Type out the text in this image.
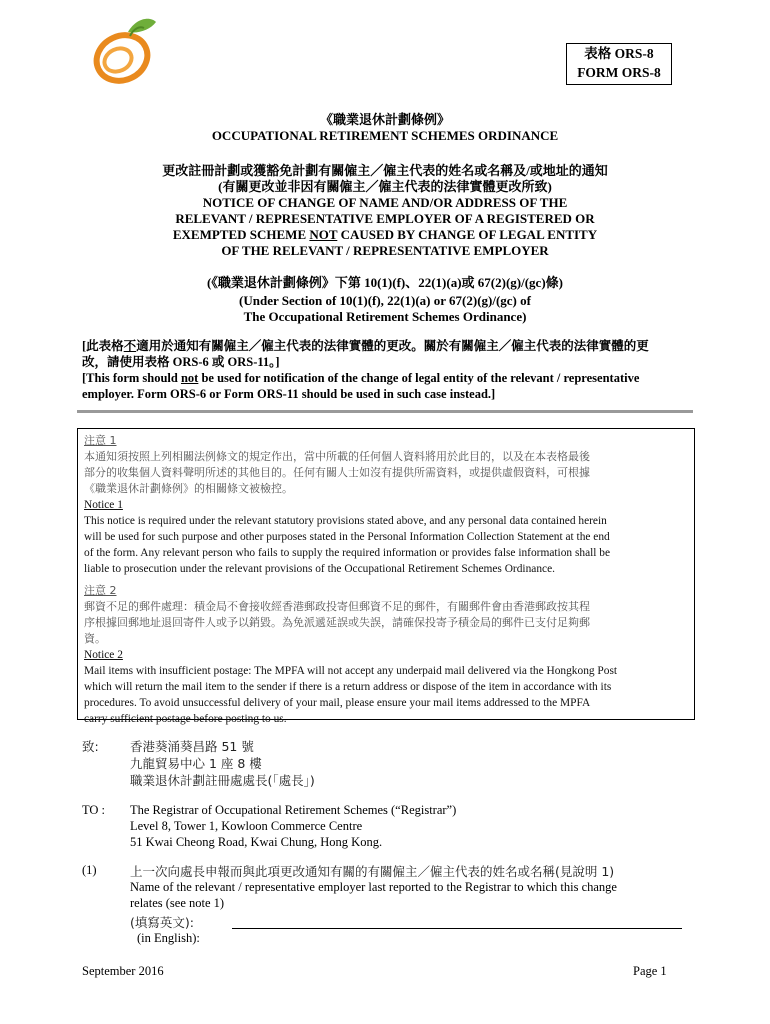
表格 ORS-8
FORM ORS-8
《職業退休計劃條例》
OCCUPATIONAL RETIREMENT SCHEMES ORDINANCE
更改註冊計劃或獲豁免計劃有關僱主／僱主代表的姓名或名稱及/或地址的通知
(有關更改並非因有關僱主／僱主代表的法律實體更改所致)
NOTICE OF CHANGE OF NAME AND/OR ADDRESS OF THE
RELEVANT / REPRESENTATIVE EMPLOYER OF A REGISTERED OR
EXEMPTED SCHEME NOT CAUSED BY CHANGE OF LEGAL ENTITY
OF THE RELEVANT / REPRESENTATIVE EMPLOYER
(《職業退休計劃條例》下第 10(1)(f)、22(1)(a)或 67(2)(g)/(gc)條)
(Under Section of 10(1)(f), 22(1)(a) or 67(2)(g)/(gc) of
The Occupational Retirement Schemes Ordinance)
[此表格不適用於通知有關僱主／僱主代表的法律實體的更改。關於有關僱主／僱主代表的法律實體的更
改，請使用表格 ORS-6 或 ORS-11。]
[This form should not be used for notification of the change of legal entity of the relevant / representative
employer. Form ORS-6 or Form ORS-11 should be used in such case instead.]
注意 1
本通知須按照上列相關法例條文的規定作出，當中所載的任何個人資料將用於此目的，以及在本表格最後
部分的收集個人資料聲明所述的其他目的。任何有關人士如沒有提供所需資料，或提供虛假資料，可根據
《職業退休計劃條例》的相關條文被檢控。
Notice 1
This notice is required under the relevant statutory provisions stated above, and any personal data contained herein
will be used for such purpose and other purposes stated in the Personal Information Collection Statement at the end
of the form. Any relevant person who fails to supply the required information or provides false information shall be
liable to prosecution under the relevant provisions of the Occupational Retirement Schemes Ordinance.
注意 2
郵資不足的郵件處理：積金局不會接收經香港郵政投寄但郵資不足的郵件，有關郵件會由香港郵政按其程
序根據回郵地址退回寄件人或予以銷毀。為免派遞延誤或失誤，請確保投寄予積金局的郵件已支付足夠郵
資。
Notice 2
Mail items with insufficient postage: The MPFA will not accept any underpaid mail delivered via the Hongkong Post
which will return the mail item to the sender if there is a return address or dispose of the item in accordance with its
procedures. To avoid unsuccessful delivery of your mail, please ensure your mail items addressed to the MPFA
carry sufficient postage before posting to us.
致:	香港葵涌葵昌路 51 號
九龍貿易中心 1 座 8 樓
職業退休計劃註冊處處長(「處長」)
TO : The Registrar of Occupational Retirement Schemes (“Registrar”)
Level 8, Tower 1, Kowloon Commerce Centre
51 Kwai Cheong Road, Kwai Chung, Hong Kong.
(1)	上一次向處長申報而與此項更改通知有關的有關僱主／僱主代表的姓名或名稱(見說明 1)
Name of the relevant / representative employer last reported to the Registrar to which this change
relates (see note 1)
(填寫英文):
(in English):
September 2016	Page 1
